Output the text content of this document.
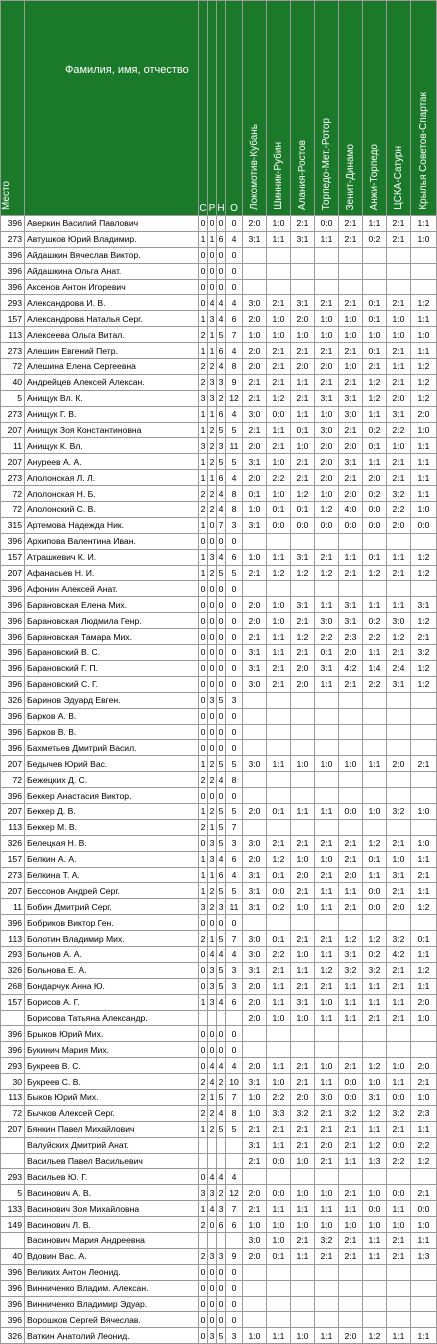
Место	Фамилия, имя, отчество	С	Р	Н	О	Локомотив-Кубань	Шинник-Рубин	Алания-Ростов	Торпедо-Мет.-Ротор	Зенит-Динамо	Анжи-Торпедо	ЦСКА-Сатурн	Крылья Советов-Спартак
396	Аверкин Василий Павлович	0	0	0	0	2:0	1:0	2:1	0:0	2:1	1:1	2:1	1:1
273	Автушков Юрий Владимир.	1	1	6	4	3:1	1:1	3:1	1:1	2:1	0:2	2:1	1:0
396	Айдашкин Вячеслав Виктор.	0	0	0	0								
396	Айдашкина Ольга Анат.	0	0	0	0								
396	Аксенов Антон Игоревич	0	0	0	0								
293	Александрова И. В.	0	4	4	4	3:0	2:1	3:1	2:1	2:1	0:1	2:1	1:2
157	Александрова Наталья Серг.	1	3	4	6	2:0	1:0	2:0	1:0	1:0	0:1	1:0	1:1
113	Алексеева Ольга Витал.	2	1	5	7	1:0	1:0	1:0	1:0	1:0	1:0	1:0	1:0
273	Алешин Евгений Петр.	1	1	6	4	2:0	2:1	2:1	2:1	2:1	0:1	2:1	1:1
72	Алешина Елена Сергеевна	2	2	4	8	2:0	2:1	2:0	2:0	1:0	2:1	1:1	1:2
40	Андрейцев Алексей Алексан.	2	3	3	9	2:1	2:1	1:1	2:1	2:1	1:2	2:1	1:2
5	Анищук Вл. К.	3	3	2	12	2:1	1:2	2:1	3:1	3:1	1:2	2:0	1:2
273	Анищук Г. В.	1	1	6	4	3:0	0:0	1:1	1:0	3:0	1:1	3:1	2:0
207	Анищук Зоя Константиновна	1	2	5	5	2:1	1:1	0:1	3:0	2:1	0:2	2:2	1:0
11	Анищук К. Вл.	3	2	3	11	2:0	2:1	1:0	2:0	2:0	0:1	1:0	1:1
207	Ануреев А. А.	1	2	5	5	3:1	1:0	2:1	2:0	3:1	1:1	2:1	1:1
273	Аполонская Л. Л.	1	1	6	4	2:0	2:2	2:1	2:0	2:1	2:0	2:1	1:1
72	Аполонская Н. Б.	2	2	4	8	0:1	1:0	1:2	1:0	2:0	0:2	3:2	1:1
72	Аполонский С. В.	2	2	4	8	1:0	0:1	0:1	1:2	4:0	0:0	2:2	1:0
315	Артемова Надежда Ник.	1	0	7	3	3:1	0:0	0:0	0:0	0:0	0:0	2:0	0:0
396	Архипова Валентина Иван.	0	0	0	0								
157	Атрашкевич К. И.	1	3	4	6	1:0	1:1	3:1	2:1	1:1	0:1	1:1	1:2
207	Афанасьев Н. И.	1	2	5	5	2:1	1:2	1:2	1:2	2:1	1:2	2:1	1:2
396	Афонин Алексей Анат.	0	0	0	0								
396	Барановская Елена Мих.	0	0	0	0	2:0	1:0	3:1	1:1	3:1	1:1	1:1	3:1
396	Барановская Людмила Генр.	0	0	0	0	2:0	1:0	2:1	3:0	3:1	0:2	3:0	1:2
396	Барановская Тамара Мих.	0	0	0	0	2:1	1:1	1:2	2:2	2:3	2:2	1:2	2:1
396	Барановский В. С.	0	0	0	0	3:1	1:1	2:1	0:1	2:0	1:1	2:1	3:2
396	Барановский Г. П.	0	0	0	0	3:1	2:1	2:0	3:1	4:2	1:4	2:4	1:2
396	Барановский С. Г.	0	0	0	0	3:0	2:1	2:0	1:1	2:1	2:2	3:1	1:2
326	Баринов Эдуард Евген.	0	3	5	3								
396	Барков А. В.	0	0	0	0								
396	Барков В. В.	0	0	0	0								
396	Бахметьев Дмитрий Васил.	0	0	0	0								
207	Бедычев Юрий Вас.	1	2	5	5	3:0	1:1	1:0	1:0	1:0	1:1	2:0	2:1
72	Бежецких Д. С.	2	2	4	8								
396	Беккер Анастасия Виктор.	0	0	0	0								
207	Беккер Д. В.	1	2	5	5	2:0	0:1	1:1	1:1	0:0	1:0	3:2	1:0
113	Беккер М. В.	2	1	5	7								
326	Белецкая Н. В.	0	3	5	3	3:0	2:1	2:1	2:1	2:1	1:2	2:1	1:0
157	Белкин А. А.	1	3	4	6	2:0	1:2	1:0	1:0	2:1	0:1	1:0	1:1
273	Белкина Т. А.	1	1	6	4	3:1	0:1	2:0	2:1	2:0	1:1	3:1	2:1
207	Бессонов Андрей Серг.	1	2	5	5	3:1	0:0	2:1	1:1	1:1	0:0	2:1	1:1
11	Бобин Дмитрий Серг.	3	2	3	11	3:1	0:2	1:0	1:1	2:1	0:0	2:0	1:2
396	Бобриков Виктор Ген.	0	0	0	0								
113	Болотин Владимир Мих.	2	1	5	7	3:0	0:1	2:1	2:1	1:2	1:2	3:2	0:1
293	Больнов А. А.	0	4	4	4	3:0	2:2	1:0	1:1	3:1	0:2	4:2	1:1
326	Больнова Е. А.	0	3	5	3	3:1	2:1	1:1	1:2	3:2	3:2	2:1	1:2
268	Бондарчук Анна Ю.	0	3	5	3	2:0	1:1	2:1	2:1	1:1	1:1	2:1	1:1
157	Борисов А. Г.	1	3	4	6	2:0	1:1	3:1	1:0	1:1	1:1	1:1	2:0
	Борисова Татьяна Александр.					2:0	1:0	1:0	1:1	1:1	2:1	2:1	1:0
396	Брыков Юрий Мих.	0	0	0	0								
396	Букинич Мария Мих.	0	0	0	0								
293	Букреев В. С.	0	4	4	4	2:0	1:1	2:1	1:0	2:1	1:2	1:0	2:0
30	Букреев С. В.	2	4	2	10	3:1	1:0	2:1	1:1	0:0	1:0	1:1	2:1
113	Быков Юрий Мих.	2	1	5	7	1:0	2:2	2:0	3:0	0:0	3:1	0:0	1:0
72	Бычков Алексей Серг.	2	2	4	8	1:0	3:3	3:2	2:1	3:2	1:2	3:2	2:3
207	Бянкин Павел Михайлович	1	2	5	5	2:1	2:1	2:1	2:1	2:1	1:1	2:1	1:1
	Валуйских Дмитрий Анат.					3:1	1:1	2:1	2:0	2:1	1:2	0:0	2:2
	Васильев Павел Васильевич					2:1	0:0	1:0	2:1	1:1	1:3	2:2	1:2
293	Васильев Ю. Г.	0	4	4	4								
5	Васинович А. В.	3	3	2	12	2:0	0:0	1:0	1:0	2:1	1:0	0:0	2:1
133	Васинович Зоя Михайловна	1	4	3	7	2:1	1:1	1:1	1:1	1:1	0:0	1:1	0:0
149	Васинович Л. В.	2	0	6	6	1:0	1:0	1:0	1:0	1:0	1:0	1:0	1:0
	Васинович Мария Андреевна					3:0	1:0	2:1	3:2	2:1	1:1	2:1	1:1
40	Вдовин Вас. А.	2	3	3	9	2:0	0:1	1:1	2:1	2:1	1:1	2:1	1:3
396	Великих Антон Леонид.	0	0	0	0								
396	Винниченко Владим. Алексан.	0	0	0	0								
396	Винниченко Владимир Эдуар.	0	0	0	0								
396	Ворошков Сергей Вячеслав.	0	0	0	0								
326	Ваткин Анатолий Леонид.	0	3	5	3	1:0	1:1	1:0	1:1	2:0	1:2	1:1	1:1
